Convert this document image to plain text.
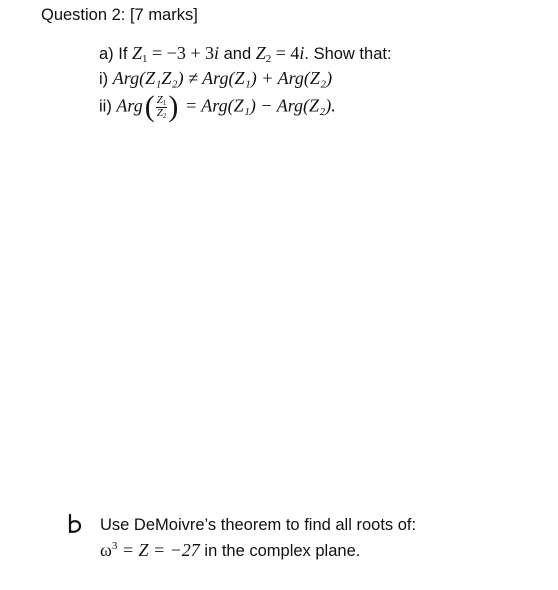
Question 2: [7 marks]
a) If $Z_1 = -3 + 3i$ and $Z_2 = 4i$. Show that:
i) Arg(Z₁Z₂) ≠ Arg(Z₁) + Arg(Z₂)
ii) Arg ( $\frac{Z_1}{Z_2}$ ) = Arg(Z₁) − Arg(Z₂).
Use DeMoivre’s theorem to find all roots of:
$\omega^3 = Z = -27$ in the complex plane.
